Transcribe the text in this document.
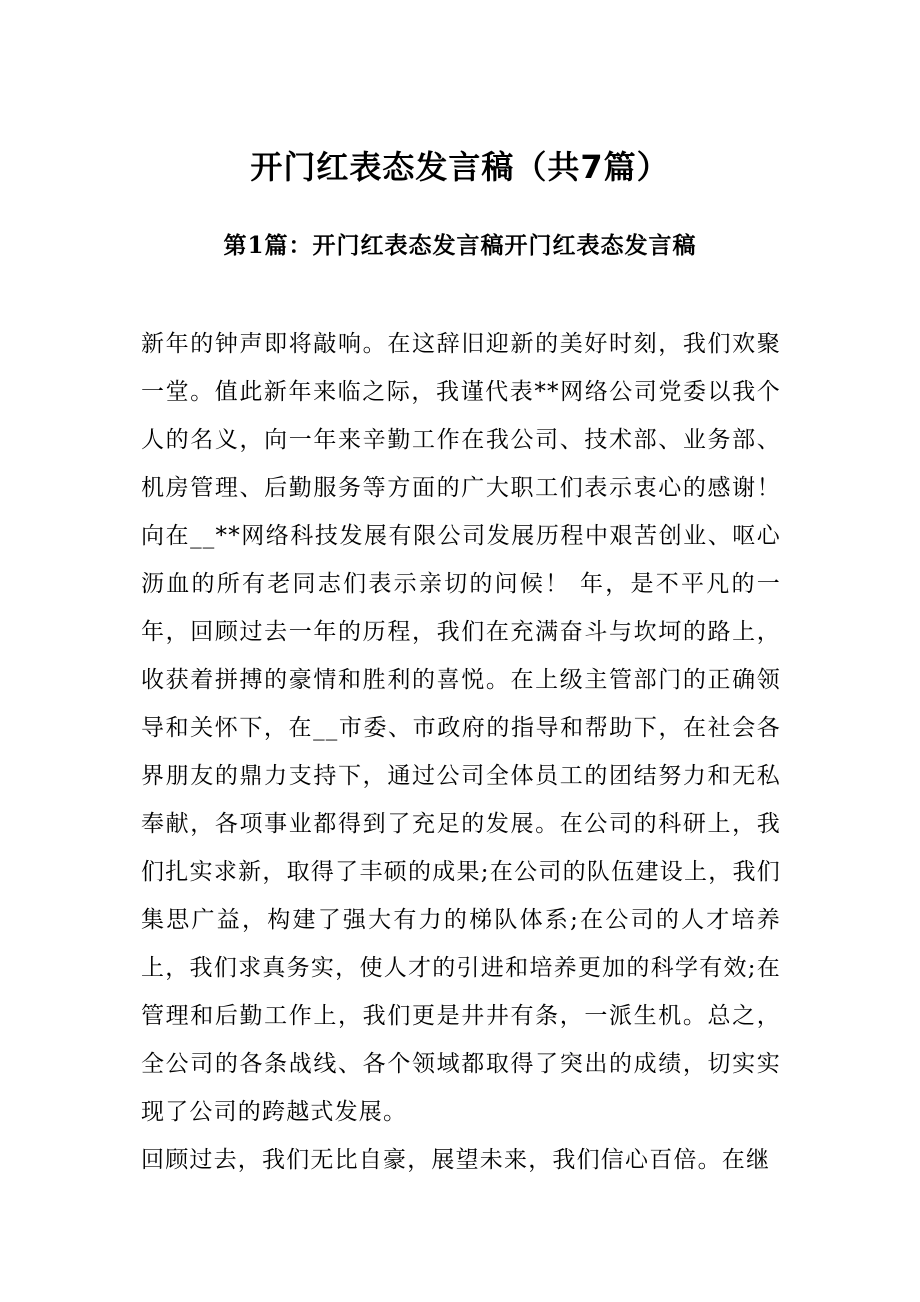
开门红表态发言稿（共7篇）
第1篇：开门红表态发言稿开门红表态发言稿

新年的钟声即将敲响。在这辞旧迎新的美好时刻，我们欢聚一堂。值此新年来临之际，我谨代表**网络公司党委以我个人的名义，向一年来辛勤工作在我公司、技术部、业务部、机房管理、后勤服务等方面的广大职工们表示衷心的感谢！向在__**网络科技发展有限公司发展历程中艰苦创业、呕心沥血的所有老同志们表示亲切的问候！ 年，是不平凡的一年，回顾过去一年的历程，我们在充满奋斗与坎坷的路上，收获着拼搏的豪情和胜利的喜悦。在上级主管部门的正确领导和关怀下，在__市委、市政府的指导和帮助下，在社会各界朋友的鼎力支持下，通过公司全体员工的团结努力和无私奉献，各项事业都得到了充足的发展。在公司的科研上，我们扎实求新，取得了丰硕的成果;在公司的队伍建设上，我们集思广益，构建了强大有力的梯队体系;在公司的人才培养上，我们求真务实，使人才的引进和培养更加的科学有效;在管理和后勤工作上，我们更是井井有条，一派生机。总之，全公司的各条战线、各个领域都取得了突出的成绩，切实实现了公司的跨越式发展。

回顾过去，我们无比自豪，展望未来，我们信心百倍。在继
